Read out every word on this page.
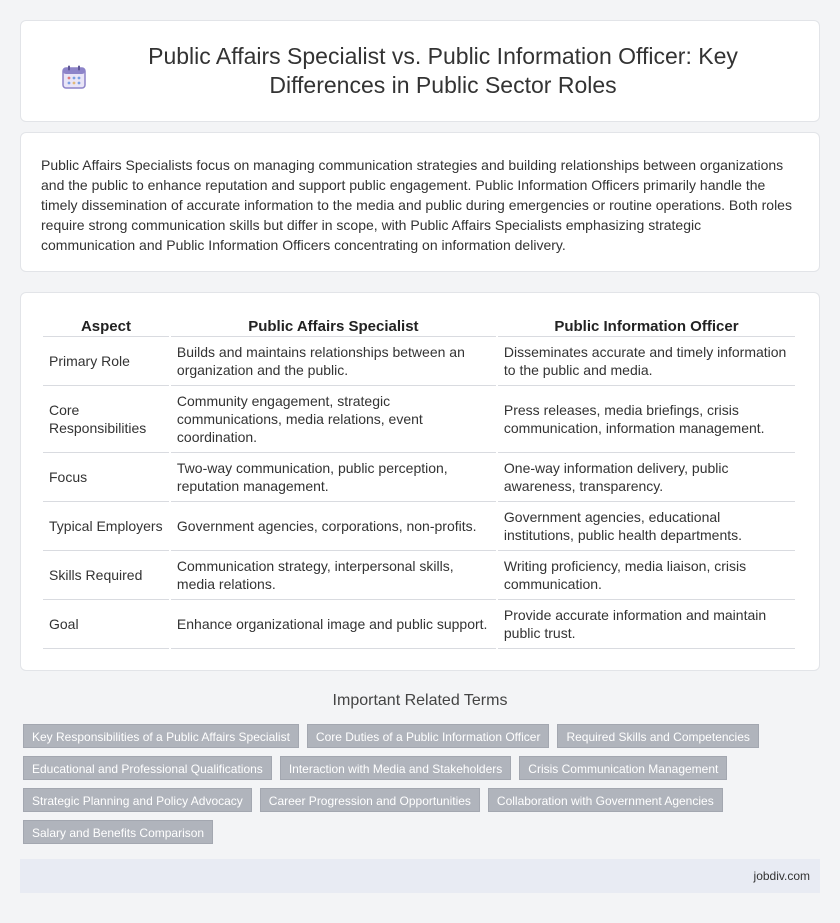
Public Affairs Specialist vs. Public Information Officer: Key Differences in Public Sector Roles

Public Affairs Specialists focus on managing communication strategies and building relationships between organizations and the public to enhance reputation and support public engagement. Public Information Officers primarily handle the timely dissemination of accurate information to the media and public during emergencies or routine operations. Both roles require strong communication skills but differ in scope, with Public Affairs Specialists emphasizing strategic communication and Public Information Officers concentrating on information delivery.

Aspect	Public Affairs Specialist	Public Information Officer
Primary Role	Builds and maintains relationships between an organization and the public.	Disseminates accurate and timely information to the public and media.
Core Responsibilities	Community engagement, strategic communications, media relations, event coordination.	Press releases, media briefings, crisis communication, information management.
Focus	Two-way communication, public perception, reputation management.	One-way information delivery, public awareness, transparency.
Typical Employers	Government agencies, corporations, non-profits.	Government agencies, educational institutions, public health departments.
Skills Required	Communication strategy, interpersonal skills, media relations.	Writing proficiency, media liaison, crisis communication.
Goal	Enhance organizational image and public support.	Provide accurate information and maintain public trust.
Important Related Terms
Key Responsibilities of a Public Affairs Specialist	Core Duties of a Public Information Officer	Required Skills and Competencies
Educational and Professional Qualifications	Interaction with Media and Stakeholders	Crisis Communication Management
Strategic Planning and Policy Advocacy	Career Progression and Opportunities	Collaboration with Government Agencies
Salary and Benefits Comparison
jobdiv.com
